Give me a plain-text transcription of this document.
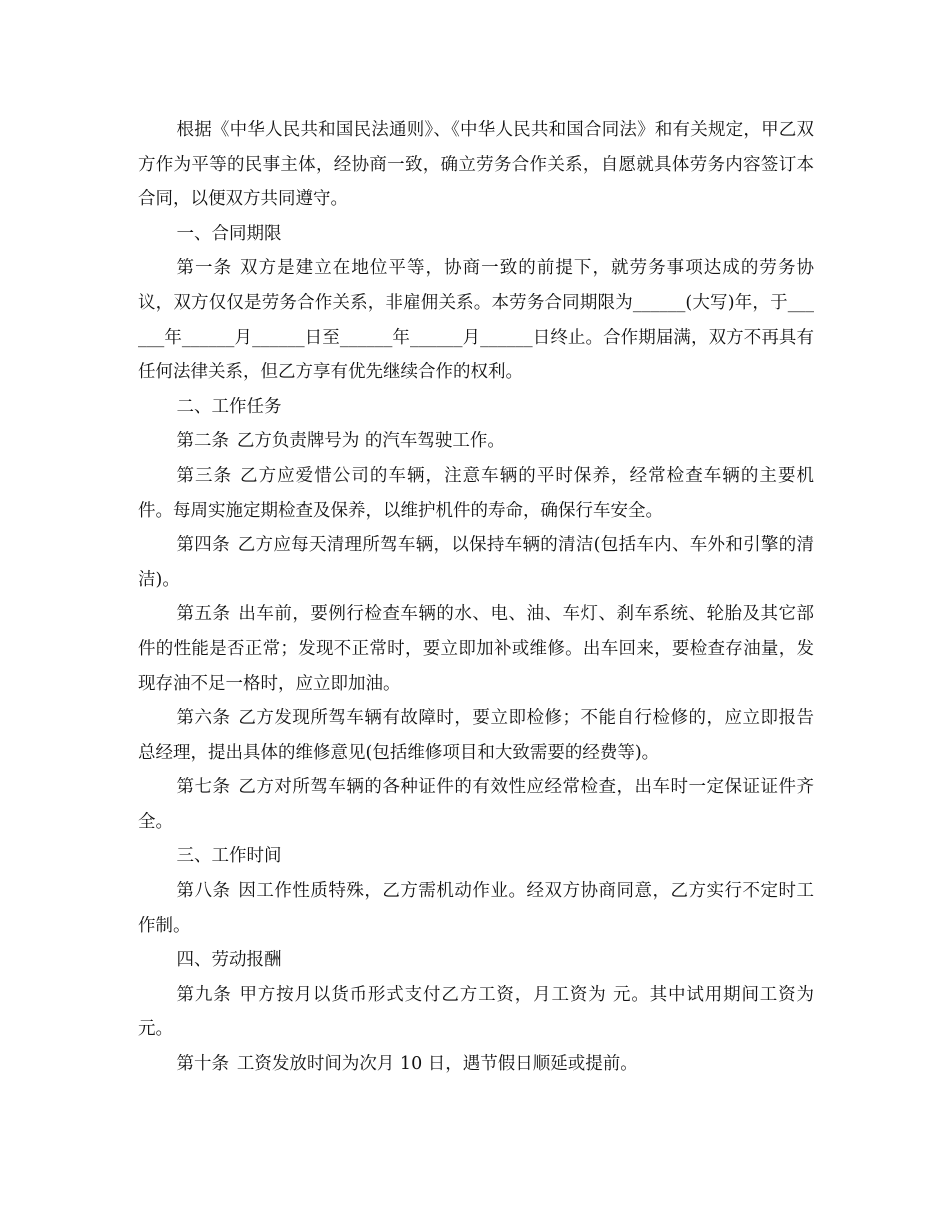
根据《中华人民共和国民法通则》、《中华人民共和国合同法》和有关规定，甲乙双方作为平等的民事主体，经协商一致，确立劳务合作关系，自愿就具体劳务内容签订本合同，以便双方共同遵守。

一、合同期限

第一条 双方是建立在地位平等，协商一致的前提下，就劳务事项达成的劳务协议，双方仅仅是劳务合作关系，非雇佣关系。本劳务合同期限为______(大写)年，于______年______月______日至______年______月______日终止。合作期届满，双方不再具有任何法律关系，但乙方享有优先继续合作的权利。

二、工作任务

第二条 乙方负责牌号为 的汽车驾驶工作。

第三条 乙方应爱惜公司的车辆，注意车辆的平时保养，经常检查车辆的主要机件。每周实施定期检查及保养，以维护机件的寿命，确保行车安全。

第四条 乙方应每天清理所驾车辆，以保持车辆的清洁(包括车内、车外和引擎的清洁)。

第五条 出车前，要例行检查车辆的水、电、油、车灯、刹车系统、轮胎及其它部件的性能是否正常；发现不正常时，要立即加补或维修。出车回来，要检查存油量，发现存油不足一格时，应立即加油。

第六条 乙方发现所驾车辆有故障时，要立即检修；不能自行检修的，应立即报告总经理，提出具体的维修意见(包括维修项目和大致需要的经费等)。

第七条 乙方对所驾车辆的各种证件的有效性应经常检查，出车时一定保证证件齐全。

三、工作时间

第八条 因工作性质特殊，乙方需机动作业。经双方协商同意，乙方实行不定时工作制。

四、劳动报酬

第九条 甲方按月以货币形式支付乙方工资，月工资为 元。其中试用期间工资为 元。

第十条 工资发放时间为次月 10 日，遇节假日顺延或提前。
